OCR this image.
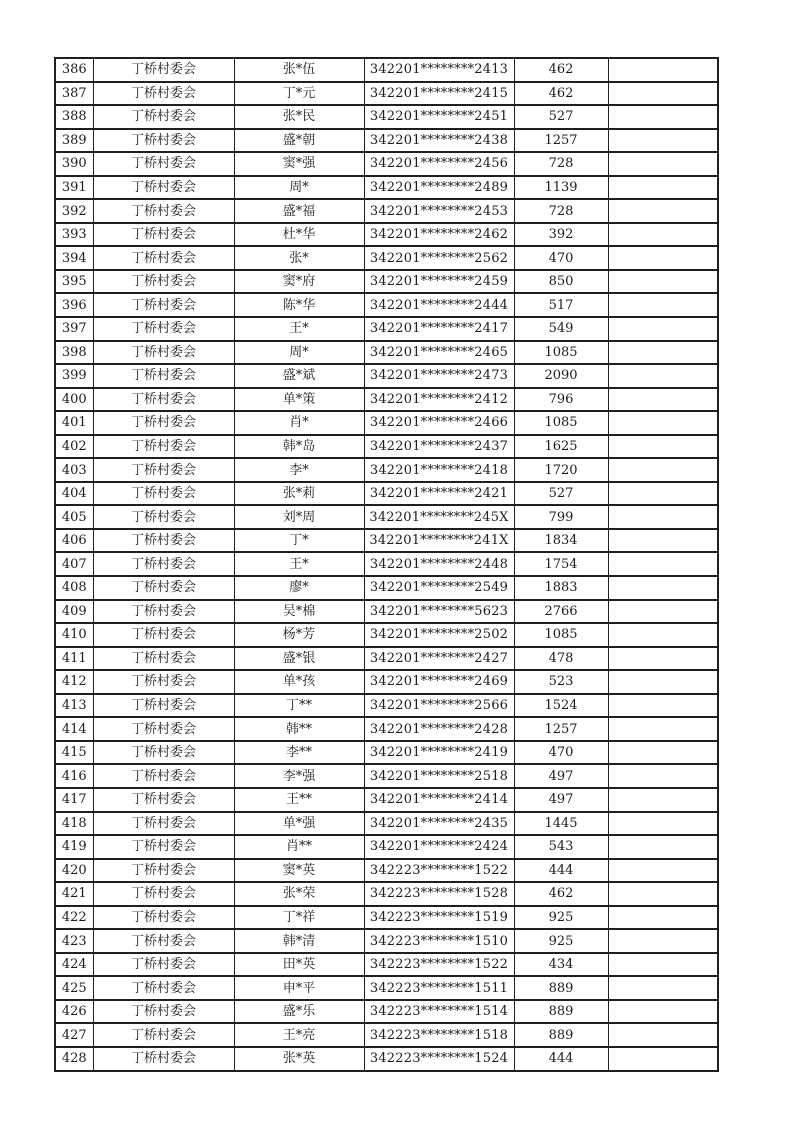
386	丁桥村委会	张*伍	342201********2413	462	
387	丁桥村委会	丁*元	342201********2415	462	
388	丁桥村委会	张*民	342201********2451	527	
389	丁桥村委会	盛*朝	342201********2438	1257	
390	丁桥村委会	窦*强	342201********2456	728	
391	丁桥村委会	周*	342201********2489	1139	
392	丁桥村委会	盛*福	342201********2453	728	
393	丁桥村委会	杜*华	342201********2462	392	
394	丁桥村委会	张*	342201********2562	470	
395	丁桥村委会	窦*府	342201********2459	850	
396	丁桥村委会	陈*华	342201********2444	517	
397	丁桥村委会	王*	342201********2417	549	
398	丁桥村委会	周*	342201********2465	1085	
399	丁桥村委会	盛*斌	342201********2473	2090	
400	丁桥村委会	单*策	342201********2412	796	
401	丁桥村委会	肖*	342201********2466	1085	
402	丁桥村委会	韩*岛	342201********2437	1625	
403	丁桥村委会	李*	342201********2418	1720	
404	丁桥村委会	张*莉	342201********2421	527	
405	丁桥村委会	刘*周	342201********245X	799	
406	丁桥村委会	丁*	342201********241X	1834	
407	丁桥村委会	王*	342201********2448	1754	
408	丁桥村委会	廖*	342201********2549	1883	
409	丁桥村委会	吴*棉	342201********5623	2766	
410	丁桥村委会	杨*芳	342201********2502	1085	
411	丁桥村委会	盛*银	342201********2427	478	
412	丁桥村委会	单*孩	342201********2469	523	
413	丁桥村委会	丁**	342201********2566	1524	
414	丁桥村委会	韩**	342201********2428	1257	
415	丁桥村委会	李**	342201********2419	470	
416	丁桥村委会	李*强	342201********2518	497	
417	丁桥村委会	王**	342201********2414	497	
418	丁桥村委会	单*强	342201********2435	1445	
419	丁桥村委会	肖**	342201********2424	543	
420	丁桥村委会	窦*英	342223********1522	444	
421	丁桥村委会	张*荣	342223********1528	462	
422	丁桥村委会	丁*祥	342223********1519	925	
423	丁桥村委会	韩*清	342223********1510	925	
424	丁桥村委会	田*英	342223********1522	434	
425	丁桥村委会	申*平	342223********1511	889	
426	丁桥村委会	盛*乐	342223********1514	889	
427	丁桥村委会	王*亮	342223********1518	889	
428	丁桥村委会	张*英	342223********1524	444	
